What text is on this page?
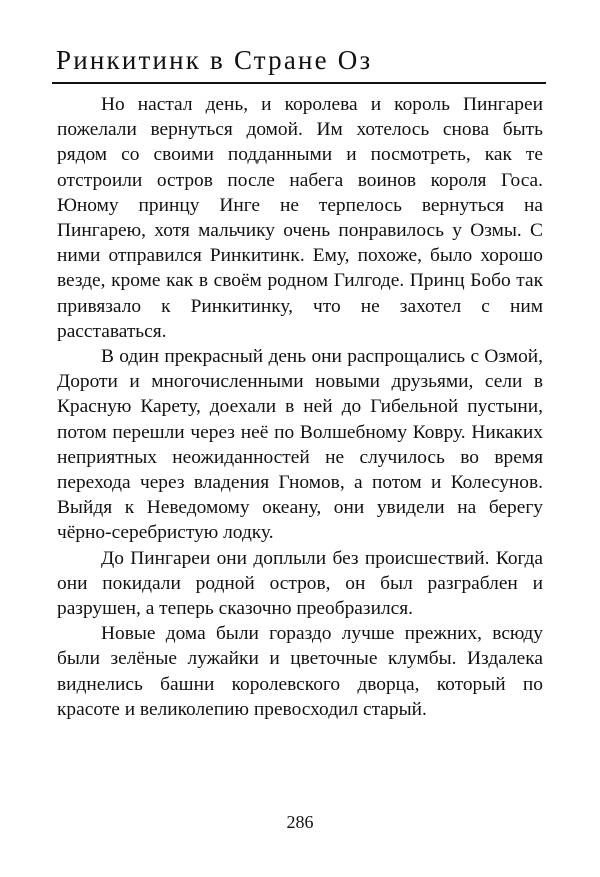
Ринкитинк в Стране Оз

Но настал день, и королева и король Пингареи пожелали вернуться домой. Им хотелось снова быть рядом со своими подданными и посмотреть, как те отстроили остров после набега воинов короля Госа. Юному принцу Инге не терпелось вернуться на Пингарею, хотя мальчику очень понравилось у Озмы. С ними отправился Ринкитинк. Ему, похоже, было хорошо везде, кроме как в своём родном Гилгоде. Принц Бобо так привязало к Ринкитинку, что не захотел с ним расставаться.

В один прекрасный день они распрощались с Озмой, Дороти и многочисленными новыми друзьями, сели в Красную Карету, доехали в ней до Гибельной пустыни, потом перешли через неё по Волшебному Ковру. Никаких неприятных неожиданностей не случилось во время перехода через владения Гномов, а потом и Колесунов. Выйдя к Неведомому океану, они увидели на берегу чёрно-серебристую лодку.

До Пингареи они доплыли без происшествий. Когда они покидали родной остров, он был разграблен и разрушен, а теперь сказочно преобразился.

Новые дома были гораздо лучше прежних, всюду были зелёные лужайки и цветочные клумбы. Издалека виднелись башни королевского дворца, который по красоте и великолепию превосходил старый.

286
